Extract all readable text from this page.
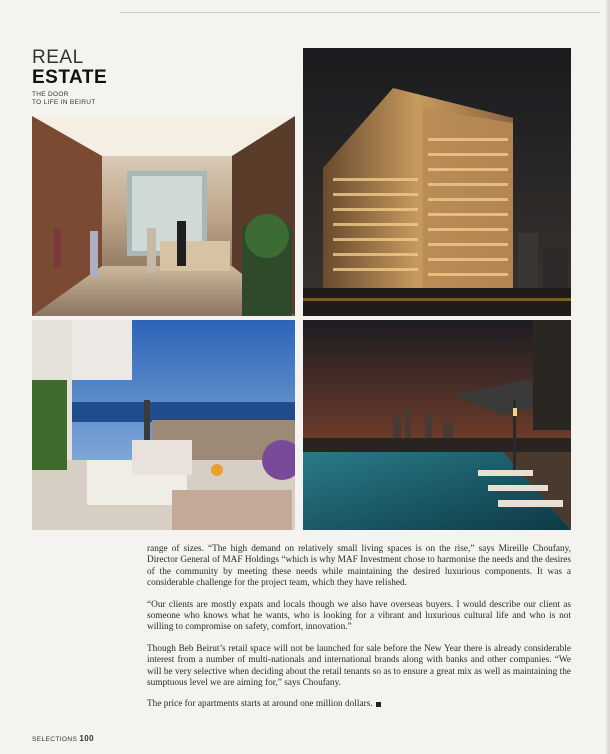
REAL
ESTATE
THE DOOR
TO LIFE IN BEIRUT

range of sizes. “The high demand on relatively small living spaces is on the rise,” says Mireille Choufany, Director General of MAF Holdings “which is why MAF Investment chose to harmonise the needs and the desires of the community by meeting these needs while maintaining the desired luxurious components. It was a considerable challenge for the project team, which they have relished.

“Our clients are mostly expats and locals though we also have overseas buyers. I would describe our client as someone who knows what he wants, who is looking for a vibrant and luxurious cultural life and who is not willing to compromise on safety, comfort, innovation.”

Though Beb Beirut’s retail space will not be launched for sale before the New Year there is already considerable interest from a number of multi-nationals and international brands along with banks and other companies. “We will be very selective when deciding about the retail tenants so as to ensure a great mix as well as maintaining the sumptuous level we are aiming for,” says Choufany.

The price for apartments starts at around one million dollars.

SELECTIONS 100
